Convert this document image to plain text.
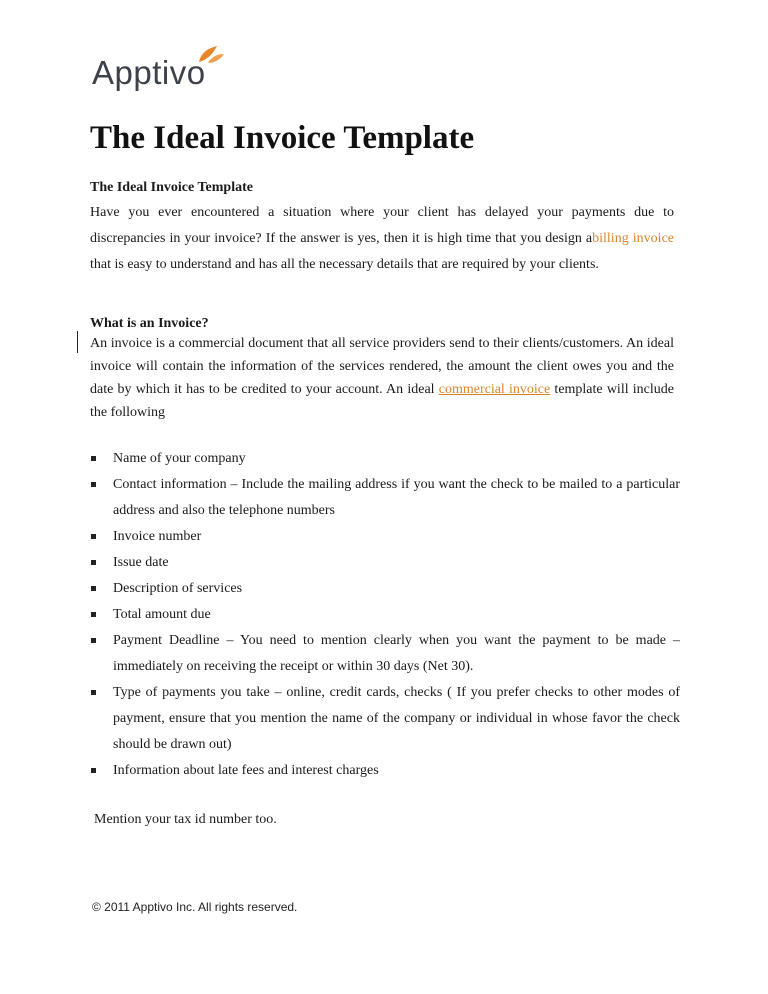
Apptivo
The Ideal Invoice Template
The Ideal Invoice Template

Have you ever encountered a situation where your client has delayed your payments due to discrepancies in your invoice? If the answer is yes, then it is high time that you design abilling invoice that is easy to understand and has all the necessary details that are required by your clients.

What is an Invoice?

An invoice is a commercial document that all service providers send to their clients/customers. An ideal invoice will contain the information of the services rendered, the amount the client owes you and the date by which it has to be credited to your account. An ideal commercial invoice template will include the following

Name of your company
Contact information – Include the mailing address if you want the check to be mailed to a particular address and also the telephone numbers
Invoice number
Issue date
Description of services
Total amount due
Payment Deadline – You need to mention clearly when you want the payment to be made – immediately on receiving the receipt or within 30 days (Net 30).
Type of payments you take – online, credit cards, checks ( If you prefer checks to other modes of payment, ensure that you mention the name of the company or individual in whose favor the check should be drawn out)
Information about late fees and interest charges
Mention your tax id number too.
© 2011 Apptivo Inc. All rights reserved.
